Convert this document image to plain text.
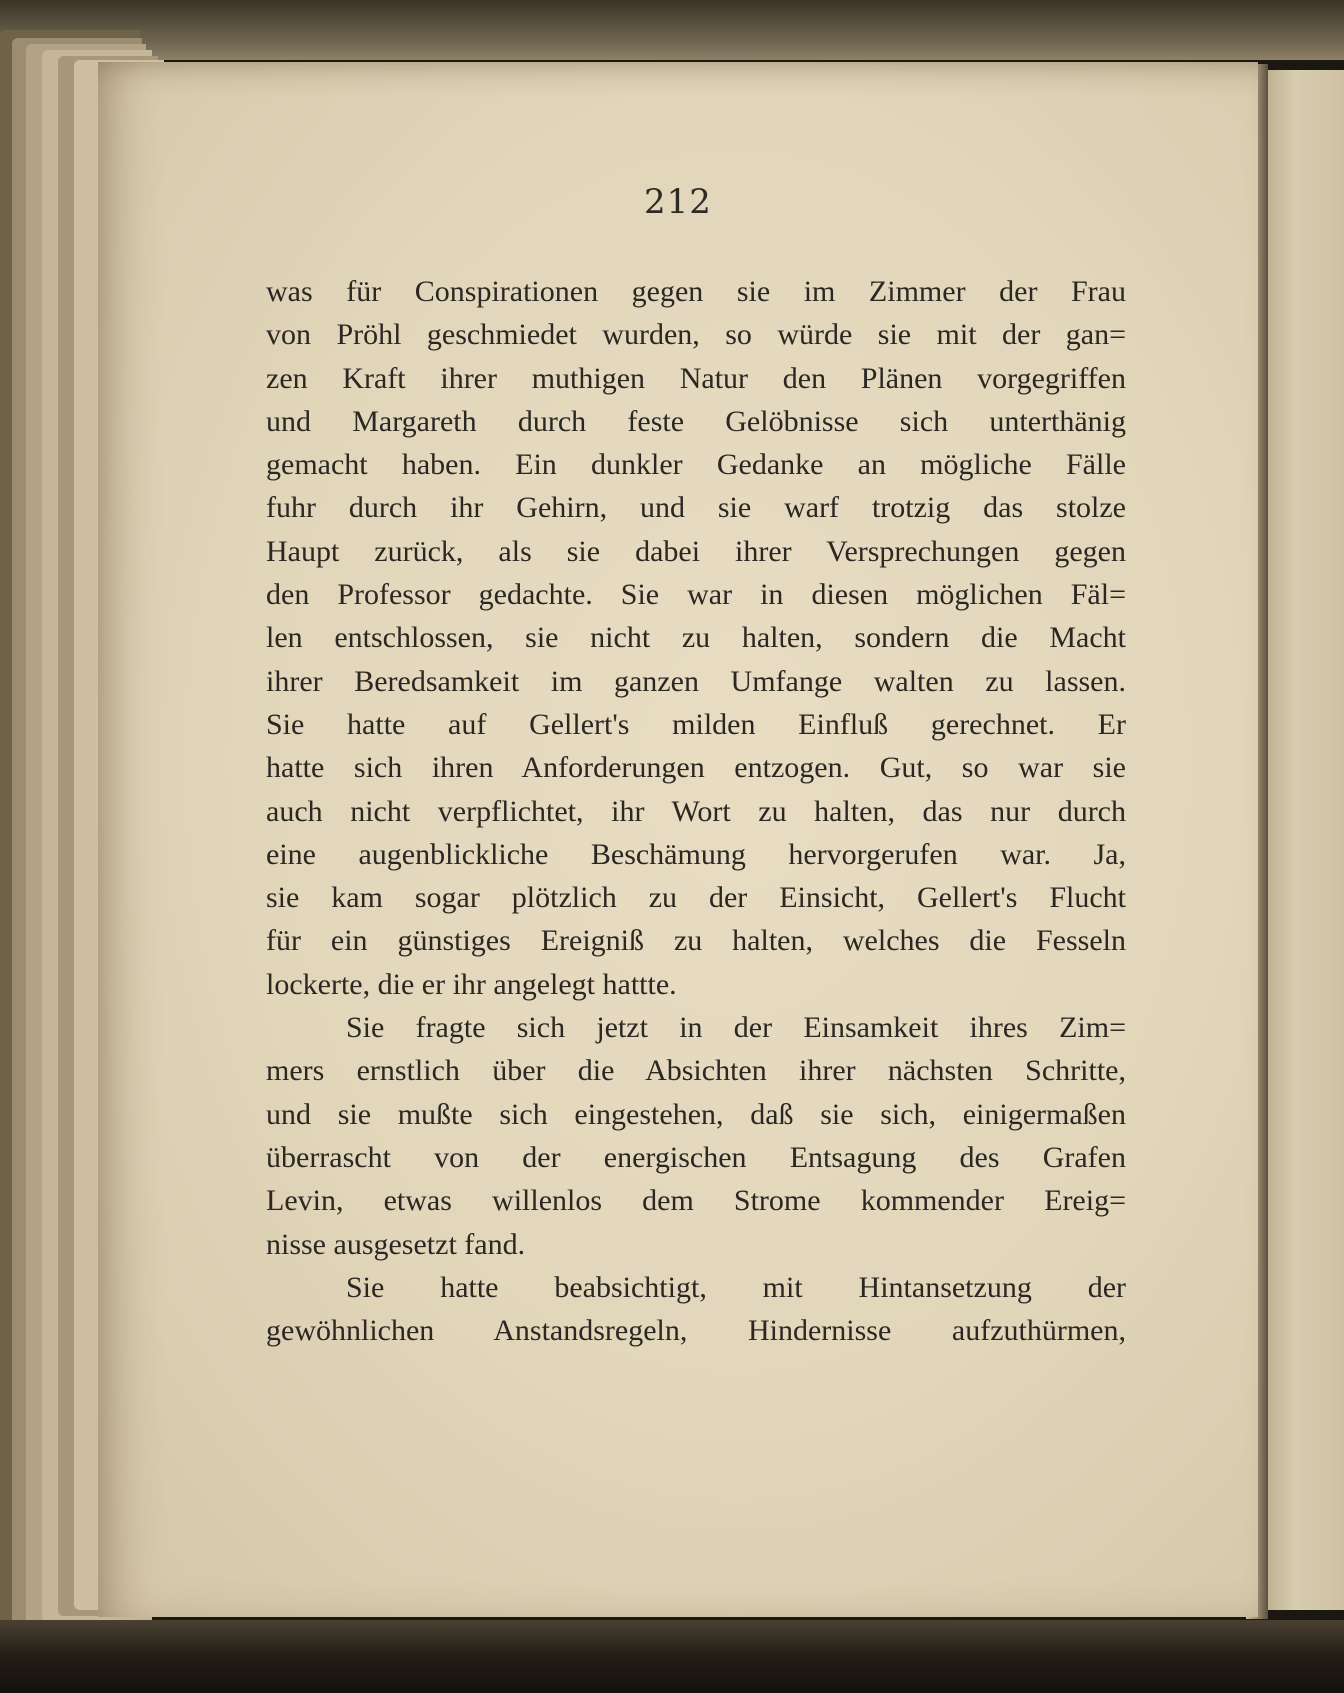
212
was für Conspirationen gegen sie im Zimmer der Frau
von Pröhl geschmiedet wurden, so würde sie mit der gan=
zen Kraft ihrer muthigen Natur den Plänen vorgegriffen
und Margareth durch feste Gelöbnisse sich unterthänig
gemacht haben. Ein dunkler Gedanke an mögliche Fälle
fuhr durch ihr Gehirn, und sie warf trotzig das stolze
Haupt zurück, als sie dabei ihrer Versprechungen gegen
den Professor gedachte. Sie war in diesen möglichen Fäl=
len entschlossen, sie nicht zu halten, sondern die Macht
ihrer Beredsamkeit im ganzen Umfange walten zu lassen.
Sie hatte auf Gellert's milden Einfluß gerechnet. Er
hatte sich ihren Anforderungen entzogen. Gut, so war sie
auch nicht verpflichtet, ihr Wort zu halten, das nur durch
eine augenblickliche Beschämung hervorgerufen war. Ja,
sie kam sogar plötzlich zu der Einsicht, Gellert's Flucht
für ein günstiges Ereigniß zu halten, welches die Fesseln
lockerte, die er ihr angelegt hattte.
Sie fragte sich jetzt in der Einsamkeit ihres Zim=
mers ernstlich über die Absichten ihrer nächsten Schritte,
und sie mußte sich eingestehen, daß sie sich, einigermaßen
überrascht von der energischen Entsagung des Grafen
Levin, etwas willenlos dem Strome kommender Ereig=
nisse ausgesetzt fand.
Sie hatte beabsichtigt, mit Hintansetzung der
gewöhnlichen Anstandsregeln, Hindernisse aufzuthürmen,
